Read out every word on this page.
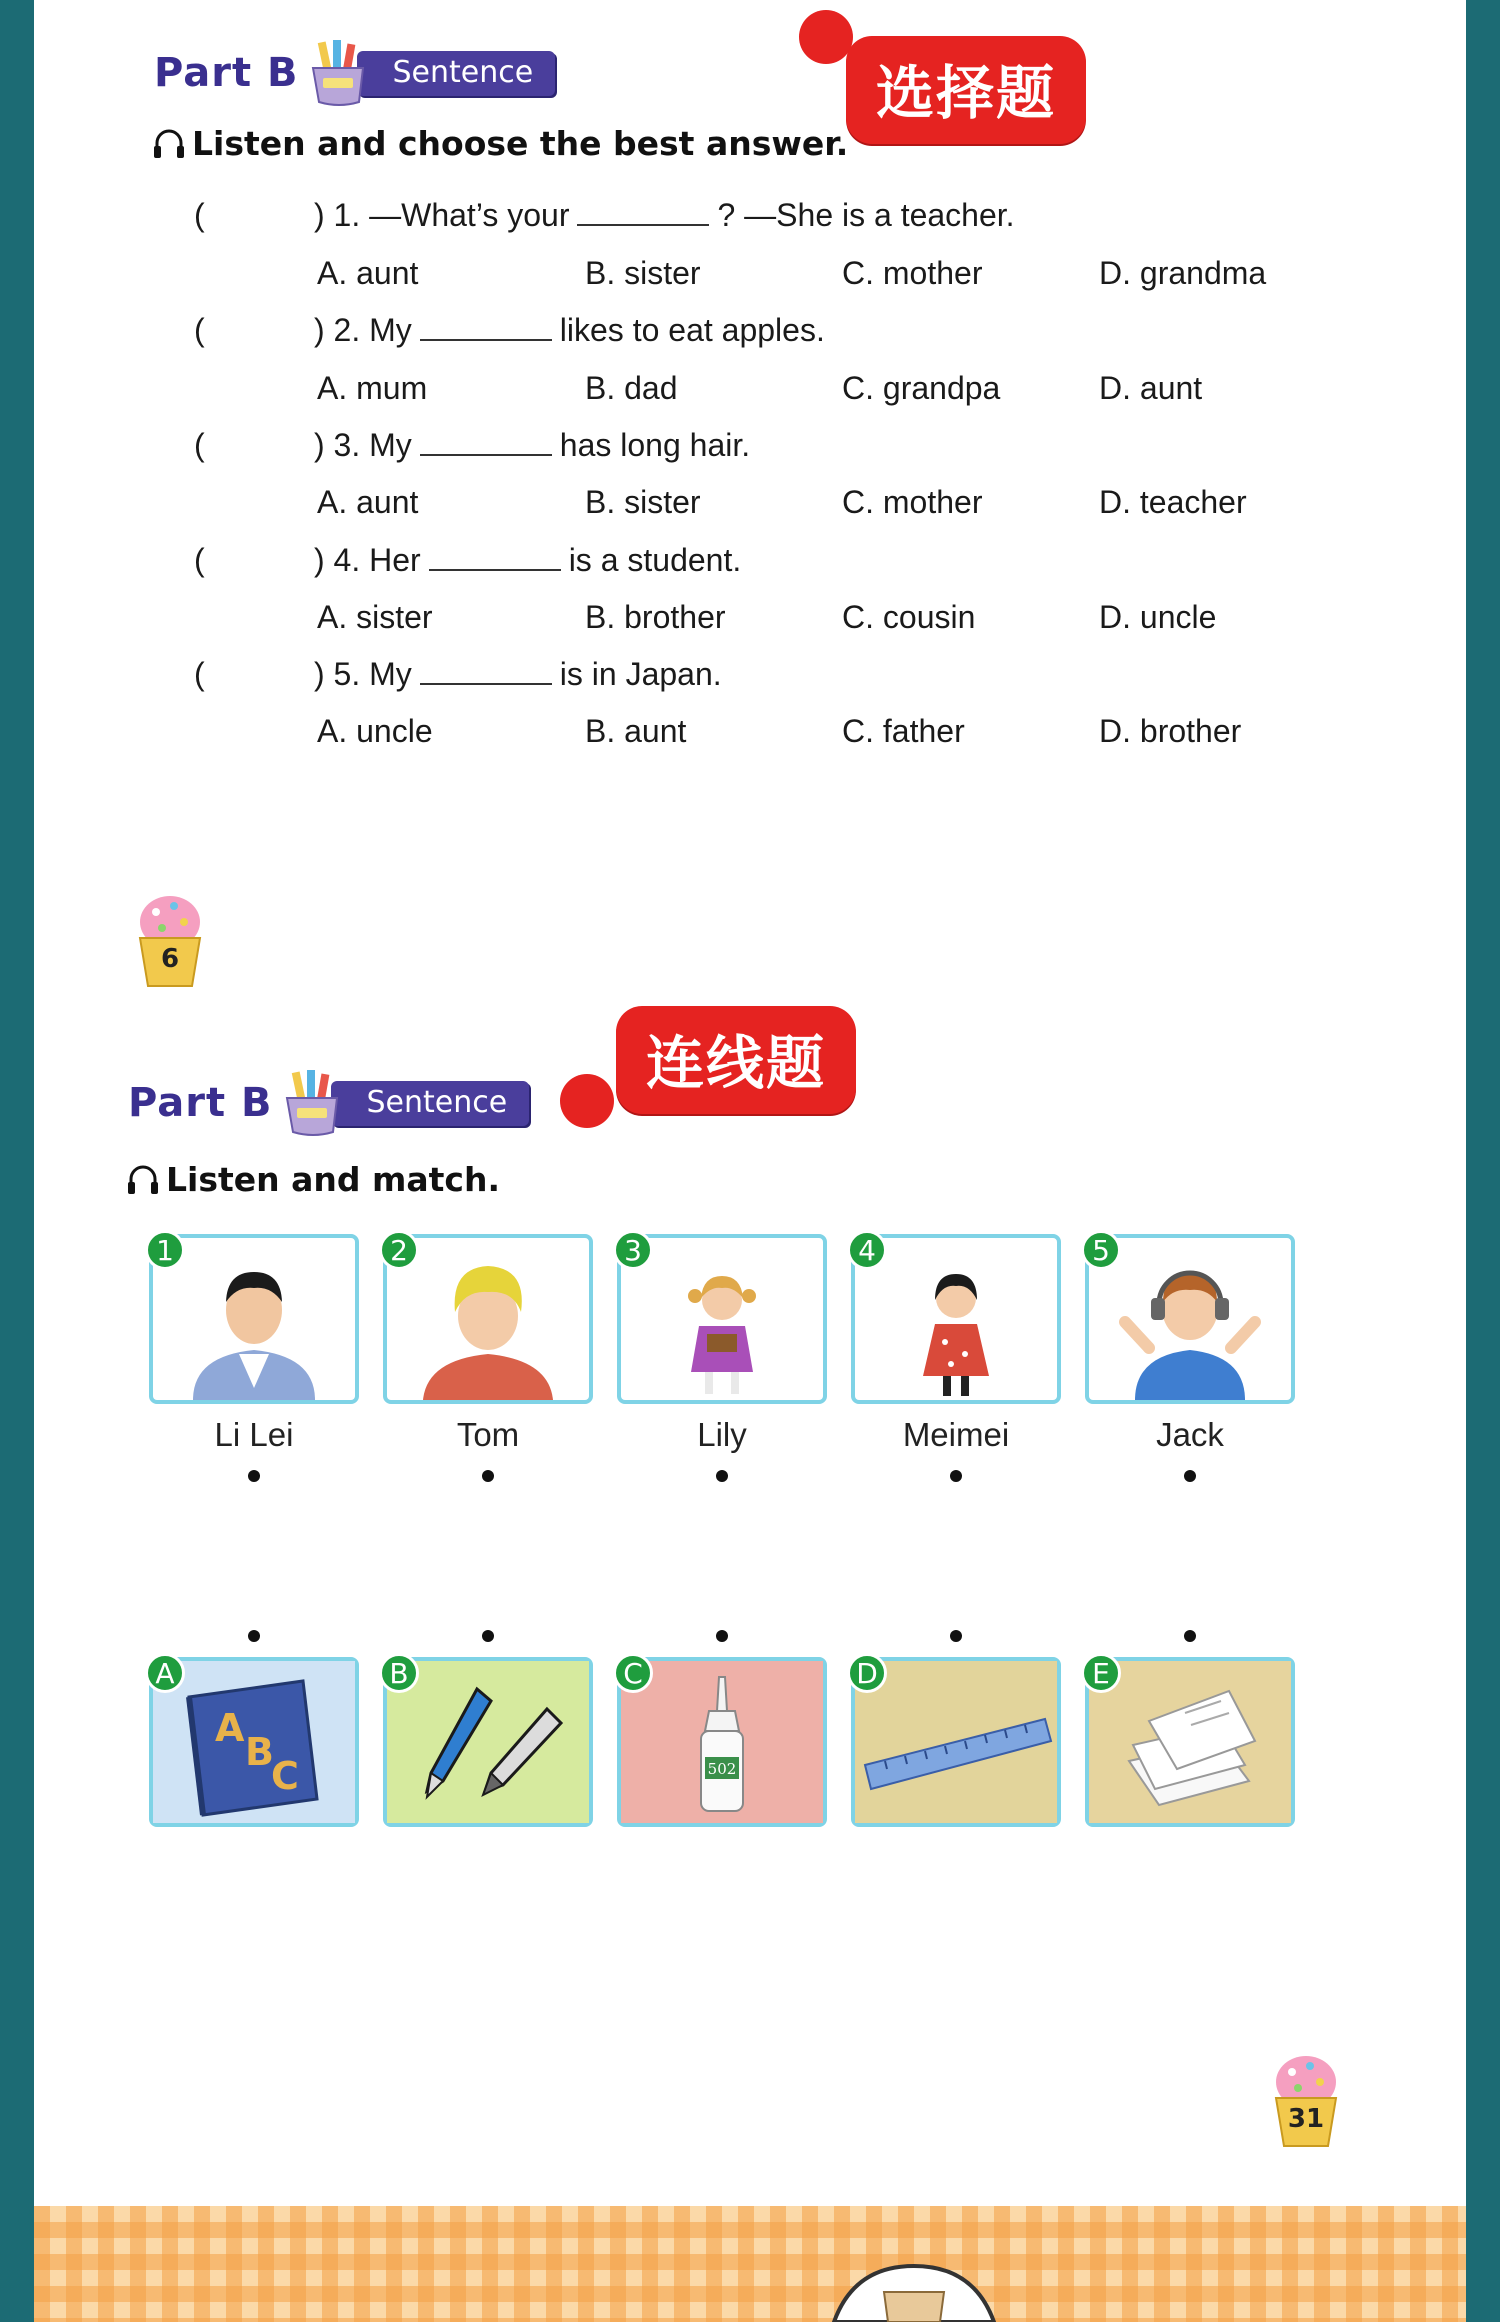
Part B	Sentence	选择题
Listen and choose the best answer.
(	) 1.
—What’s your	? —She is a teacher.
A. aunt	B. sister	C. mother	D. grandma
(	) 2.
My	likes to eat apples.
A. mum	B. dad	C. grandpa	D. aunt
(	) 3.
My	has long hair.
A. aunt	B. sister	C. mother	D. teacher
(	) 4.
Her	is a student.
A. sister	B. brother	C. cousin	D. uncle
(	) 5.
My	is in Japan.
A. uncle	B. aunt	C. father	D. brother
6
Part B	Sentence
连线题
Listen and match.
1	2	3	4	5
Li Lei	Tom	Lily	Meimei	Jack
A
B
C
A	B
502
C	D	E
31
